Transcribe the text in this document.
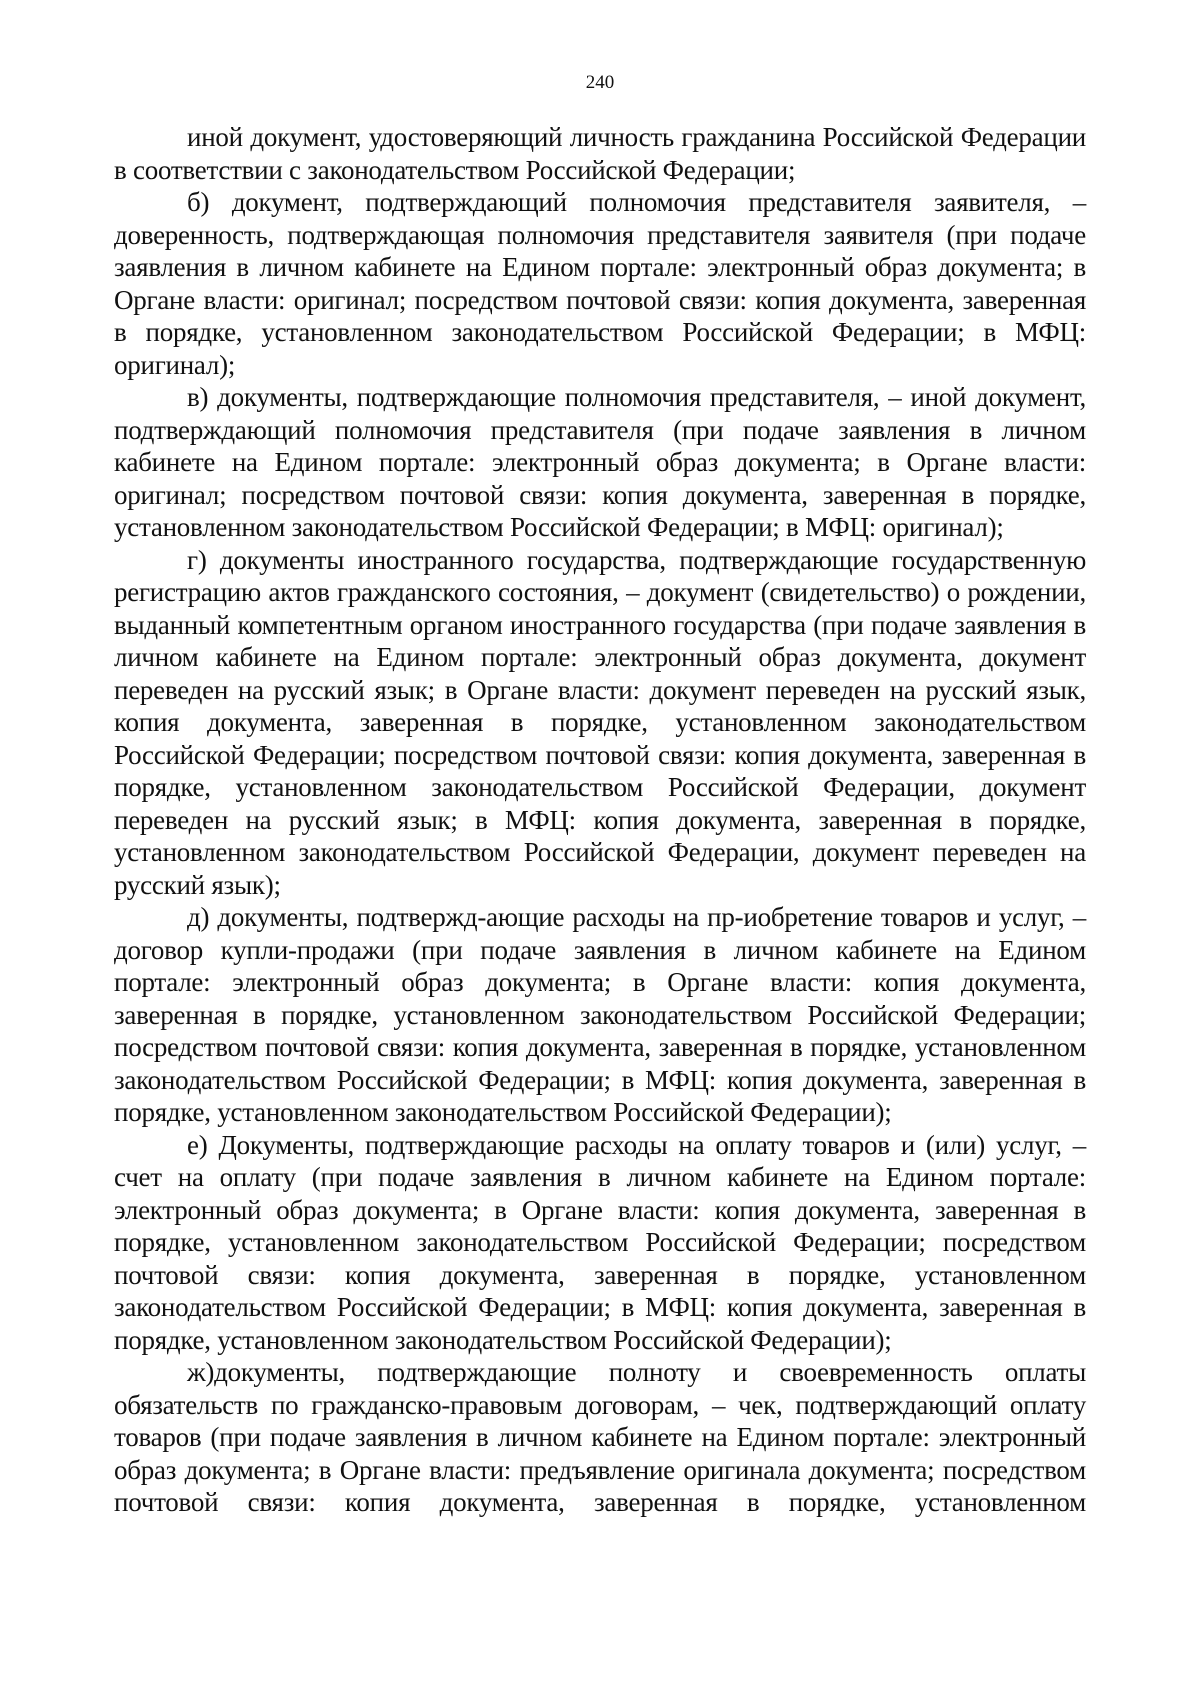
240

иной документ, удостоверяющий личность гражданина Российской Федерации в соответствии с законодательством Российской Федерации;

б) документ, подтверждающий полномочия представителя заявителя, – доверенность, подтверждающая полномочия представителя заявителя (при подаче заявления в личном кабинете на Едином портале: электронный образ документа; в Органе власти: оригинал; посредством почтовой связи: копия документа, заверенная в порядке, установленном законодательством Российской Федерации; в МФЦ: оригинал);

в) документы, подтверждающие полномочия представителя, – иной документ, подтверждающий полномочия представителя (при подаче заявления в личном кабинете на Едином портале: электронный образ документа; в Органе власти: оригинал; посредством почтовой связи: копия документа, заверенная в порядке, установленном законодательством Российской Федерации; в МФЦ: оригинал);

г) документы иностранного государства, подтверждающие государственную регистрацию актов гражданского состояния, – документ (свидетельство) о рождении, выданный компетентным органом иностранного государства (при подаче заявления в личном кабинете на Едином портале: электронный образ документа, документ переведен на русский язык; в Органе власти: документ переведен на русский язык, копия документа, заверенная в порядке, установленном законодательством Российской Федерации; посредством почтовой связи: копия документа, заверенная в порядке, установленном законодательством Российской Федерации, документ переведен на русский язык; в МФЦ: копия документа, заверенная в порядке, установленном законодательством Российской Федерации, документ переведен на русский язык);

д) документы, подтвержд-ающие расходы на пр-иобретение товаров и услуг, – договор купли-продажи (при подаче заявления в личном кабинете на Едином портале: электронный образ документа; в Органе власти: копия документа, заверенная в порядке, установленном законодательством Российской Федерации; посредством почтовой связи: копия документа, заверенная в порядке, установленном законодательством Российской Федерации; в МФЦ: копия документа, заверенная в порядке, установленном законодательством Российской Федерации);

е) Документы, подтверждающие расходы на оплату товаров и (или) услуг, – счет на оплату (при подаче заявления в личном кабинете на Едином портале: электронный образ документа; в Органе власти: копия документа, заверенная в порядке, установленном законодательством Российской Федерации; посредством почтовой связи: копия документа, заверенная в порядке, установленном законодательством Российской Федерации; в МФЦ: копия документа, заверенная в порядке, установленном законодательством Российской Федерации);

ж)документы, подтверждающие полноту и своевременность оплаты обязательств по гражданско-правовым договорам, – чек, подтверждающий оплату товаров (при подаче заявления в личном кабинете на Едином портале: электронный образ документа; в Органе власти: предъявление оригинала документа; посредством почтовой связи: копия документа, заверенная в порядке, установленном
